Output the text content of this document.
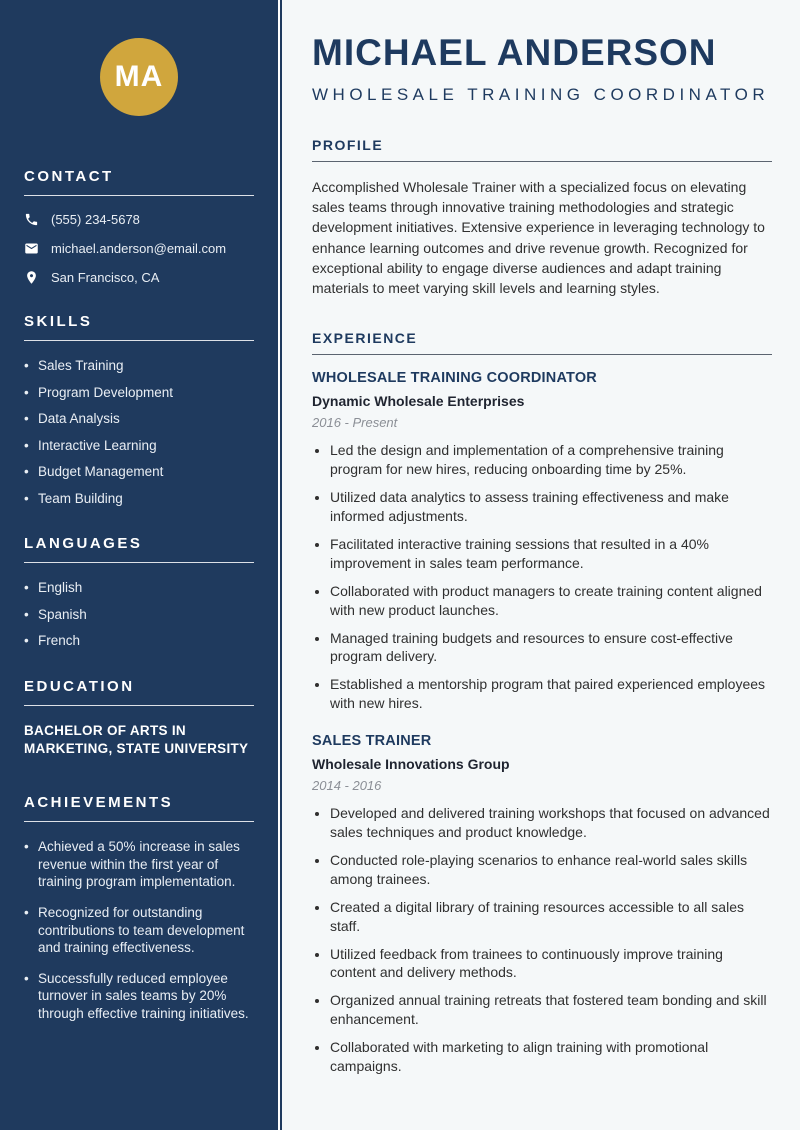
MA
CONTACT
(555) 234-5678
michael.anderson@email.com
San Francisco, CA
SKILLS
• Sales Training
• Program Development
• Data Analysis
• Interactive Learning
• Budget Management
• Team Building
LANGUAGES
• English
• Spanish
• French
EDUCATION

BACHELOR OF ARTS IN MARKETING, STATE UNIVERSITY

ACHIEVEMENTS
• Achieved a 50% increase in sales revenue within the first year of training program implementation.
• Recognized for outstanding contributions to team development and training effectiveness.
• Successfully reduced employee turnover in sales teams by 20% through effective training initiatives.
MICHAEL ANDERSON

WHOLESALE TRAINING COORDINATOR

PROFILE

Accomplished Wholesale Trainer with a specialized focus on elevating sales teams through innovative training methodologies and strategic development initiatives. Extensive experience in leveraging technology to enhance learning outcomes and drive revenue growth. Recognized for exceptional ability to engage diverse audiences and adapt training materials to meet varying skill levels and learning styles.

EXPERIENCE
WHOLESALE TRAINING COORDINATOR

Dynamic Wholesale Enterprises

2016 - Present

• Led the design and implementation of a comprehensive training program for new hires, reducing onboarding time by 25%.
• Utilized data analytics to assess training effectiveness and make informed adjustments.
• Facilitated interactive training sessions that resulted in a 40% improvement in sales team performance.
• Collaborated with product managers to create training content aligned with new product launches.
• Managed training budgets and resources to ensure cost-effective program delivery.
• Established a mentorship program that paired experienced employees with new hires.
SALES TRAINER

Wholesale Innovations Group

2014 - 2016

• Developed and delivered training workshops that focused on advanced sales techniques and product knowledge.
• Conducted role-playing scenarios to enhance real-world sales skills among trainees.
• Created a digital library of training resources accessible to all sales staff.
• Utilized feedback from trainees to continuously improve training content and delivery methods.
• Organized annual training retreats that fostered team bonding and skill enhancement.
• Collaborated with marketing to align training with promotional campaigns.
